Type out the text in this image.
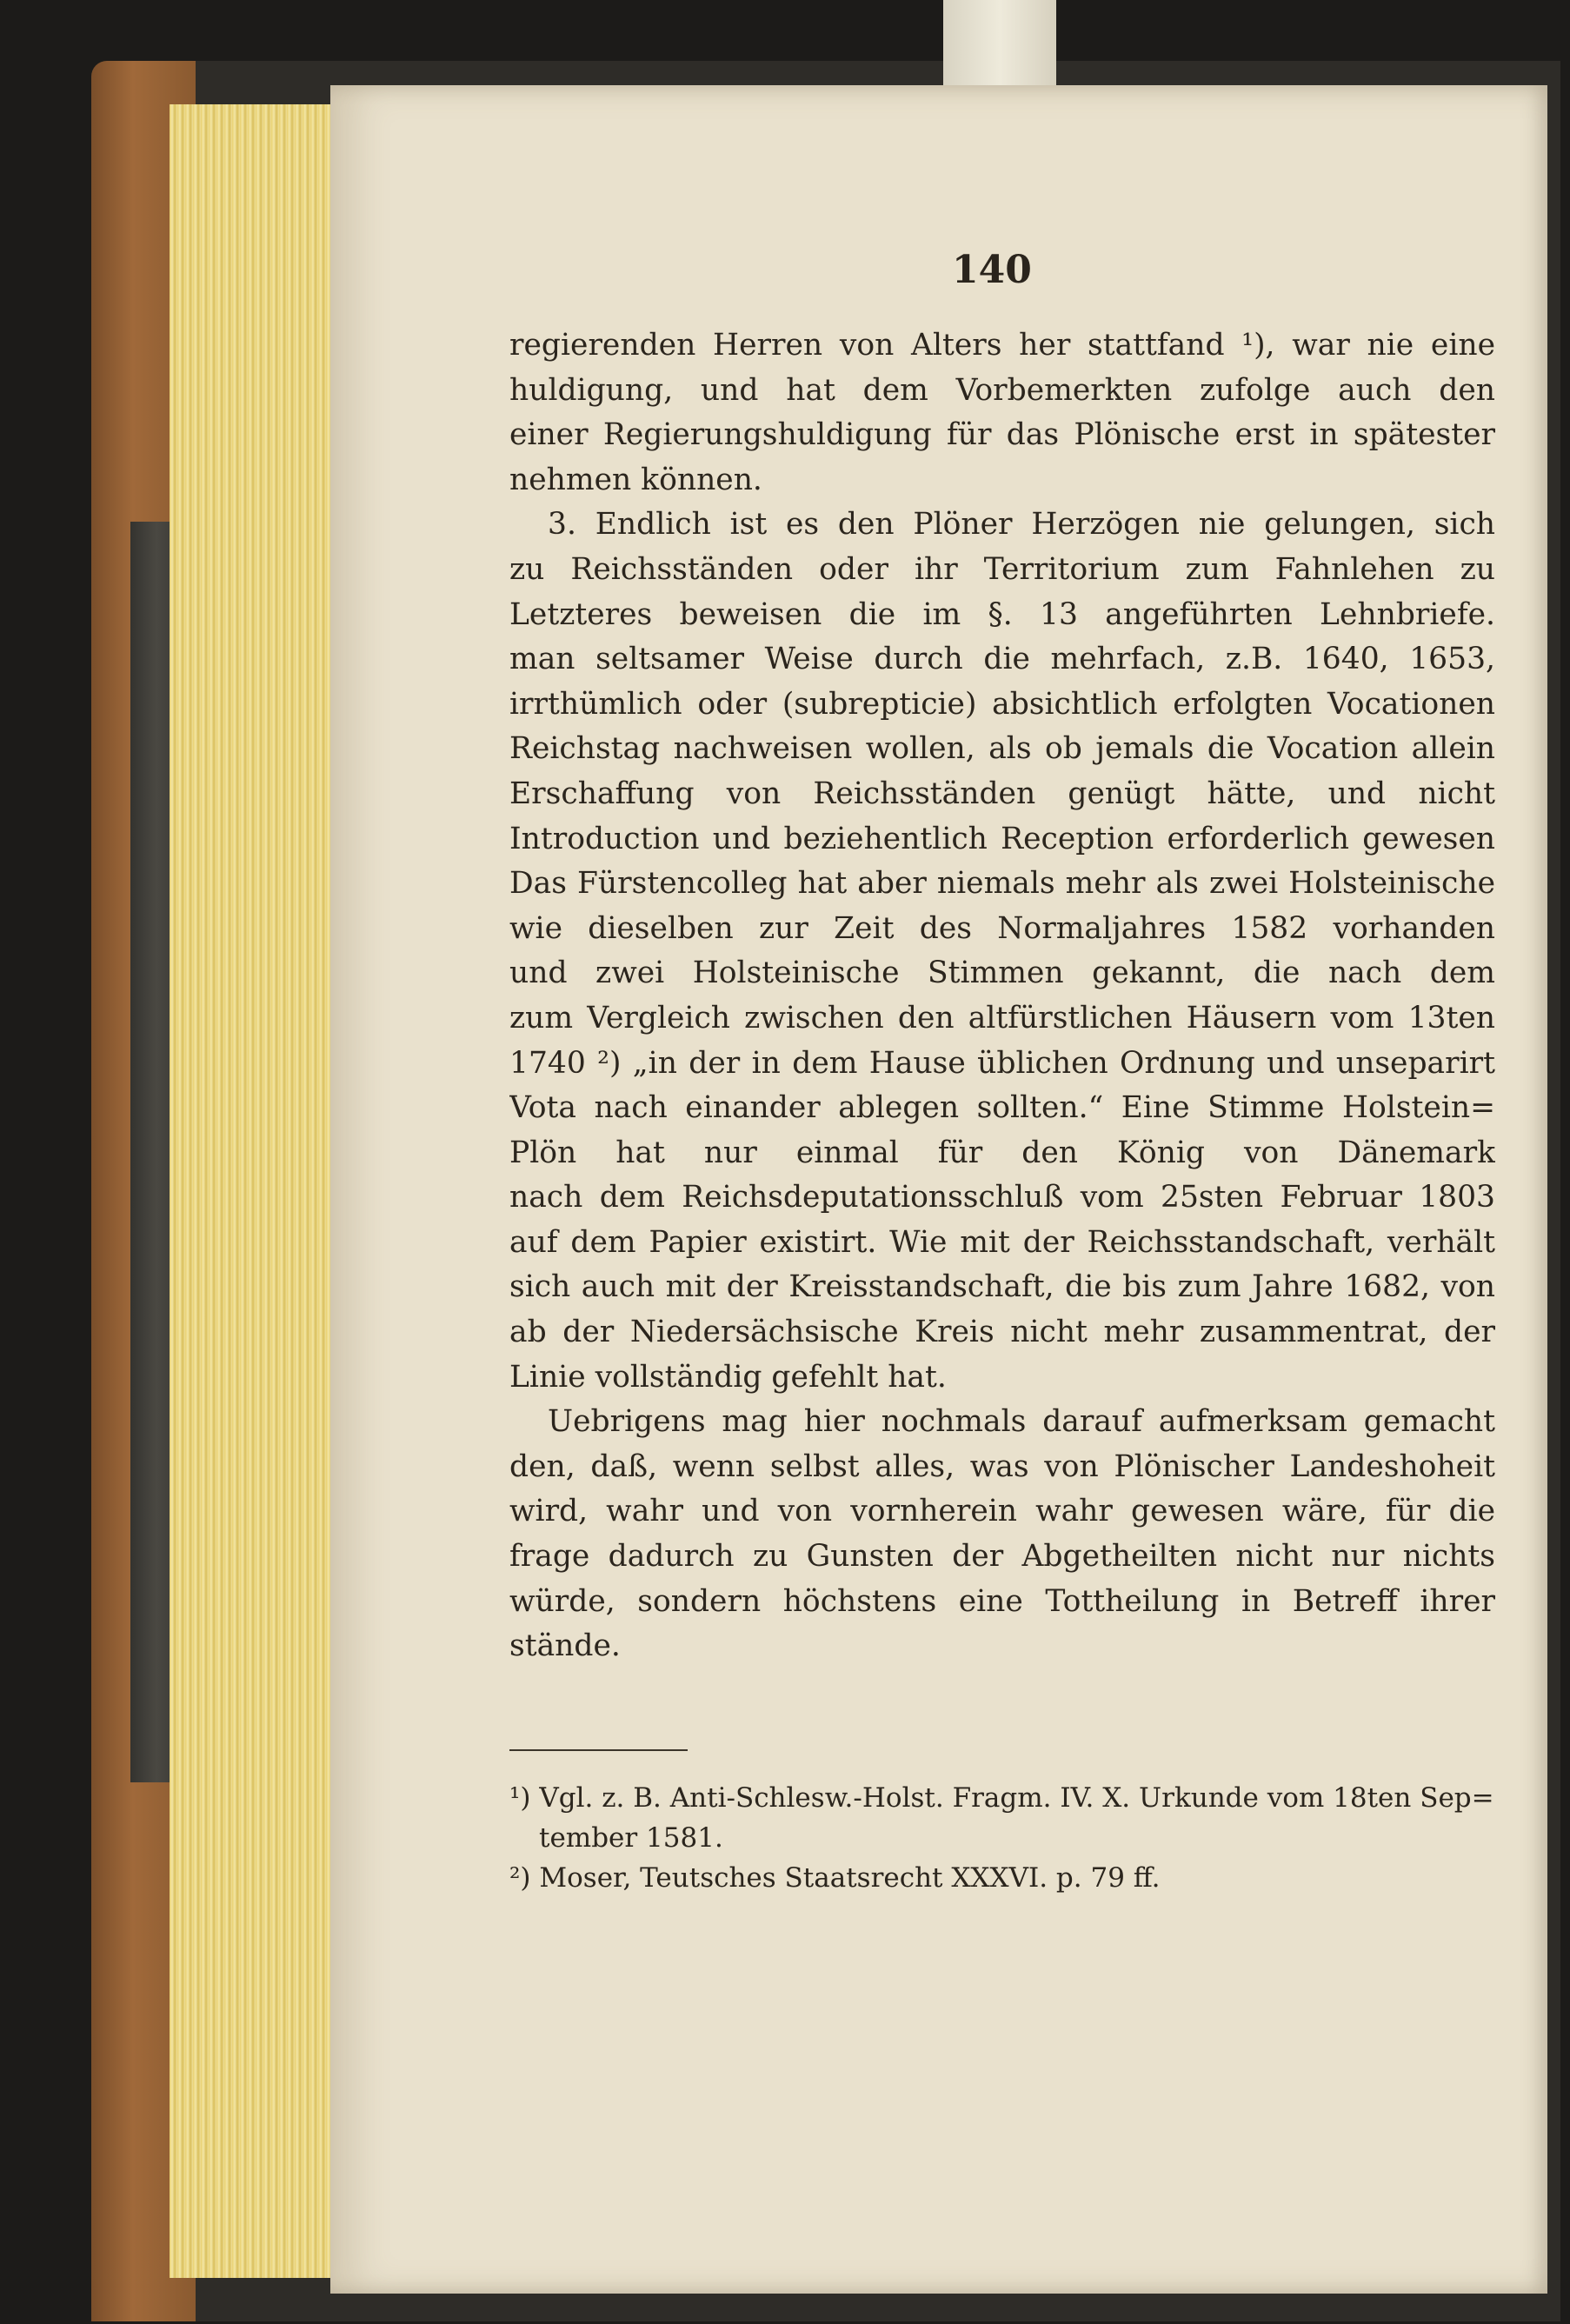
140
regierenden Herren von Alters her stattfand ¹), war nie eine
huldigung, und hat dem Vorbemerkten zufolge auch den
einer Regierungshuldigung für das Plönische erst in spätester
nehmen können.
3. Endlich ist es den Plöner Herzögen nie gelungen, sich
zu Reichsständen oder ihr Territorium zum Fahnlehen zu
Letzteres beweisen die im §. 13 angeführten Lehnbriefe.
man seltsamer Weise durch die mehrfach, z.B. 1640, 1653,
irrthümlich oder (subrepticie) absichtlich erfolgten Vocationen
Reichstag nachweisen wollen, als ob jemals die Vocation allein
Erschaffung von Reichsständen genügt hätte, und nicht
Introduction und beziehentlich Reception erforderlich gewesen
Das Fürstencolleg hat aber niemals mehr als zwei Holsteinische
wie dieselben zur Zeit des Normaljahres 1582 vorhanden
und zwei Holsteinische Stimmen gekannt, die nach dem
zum Vergleich zwischen den altfürstlichen Häusern vom 13ten
1740 ²) „in der in dem Hause üblichen Ordnung und unseparirt
Vota nach einander ablegen sollten.“ Eine Stimme Holstein=
Plön hat nur einmal für den König von Dänemark
nach dem Reichsdeputationsschluß vom 25sten Februar 1803
auf dem Papier existirt. Wie mit der Reichsstandschaft, verhält
sich auch mit der Kreisstandschaft, die bis zum Jahre 1682, von
ab der Niedersächsische Kreis nicht mehr zusammentrat, der
Linie vollständig gefehlt hat.
Uebrigens mag hier nochmals darauf aufmerksam gemacht
den, daß, wenn selbst alles, was von Plönischer Landeshoheit
wird, wahr und von vornherein wahr gewesen wäre, für die
frage dadurch zu Gunsten der Abgetheilten nicht nur nichts
würde, sondern höchstens eine Tottheilung in Betreff ihrer
stände.
¹) Vgl. z. B. Anti-Schlesw.-Holst. Fragm. IV. X. Urkunde vom 18ten Sep=
tember 1581.
²) Moser, Teutsches Staatsrecht XXXVI. p. 79 ff.
